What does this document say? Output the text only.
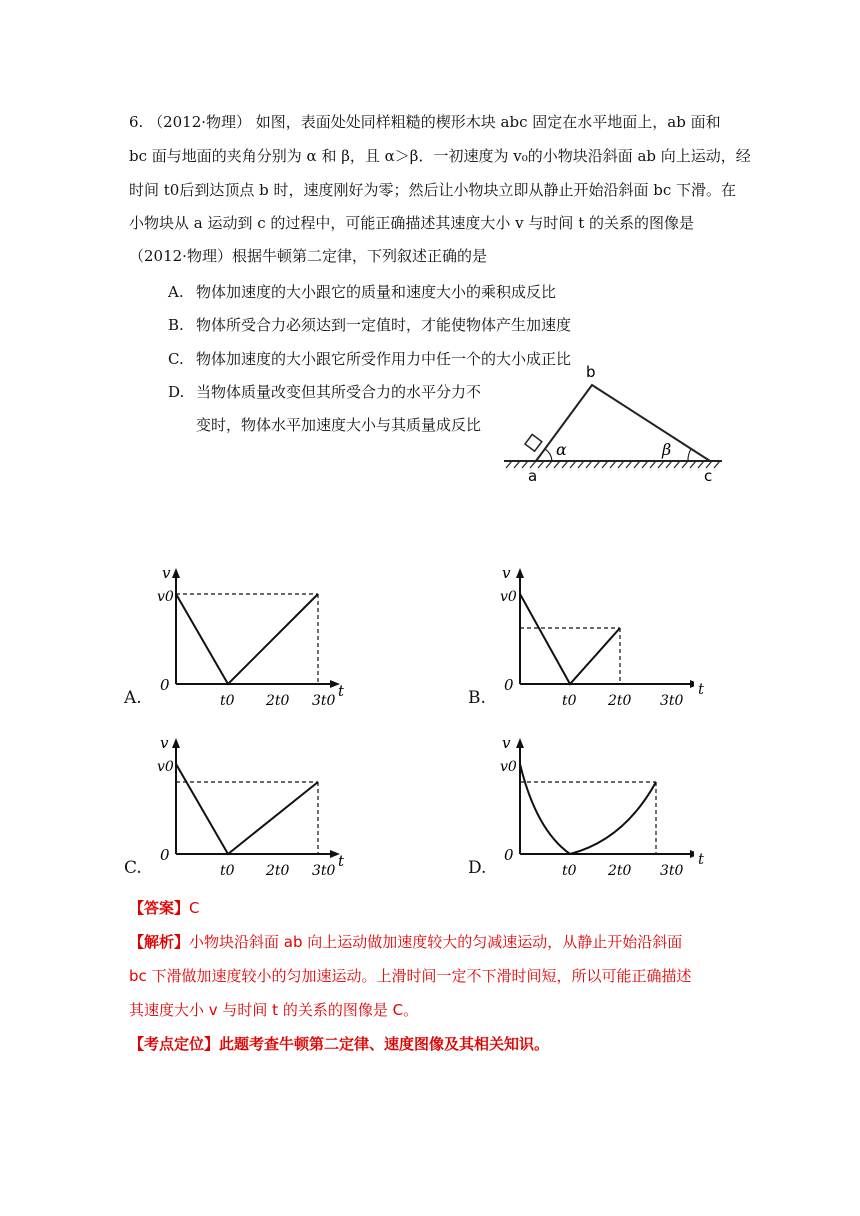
6. （2012·物理） 如图，表面处处同样粗糙的楔形木块 abc 固定在水平地面上，ab 面和
bc 面与地面的夹角分别为 α 和 β，且 α＞β．一初速度为 v₀的小物块沿斜面 ab 向上运动，经
时间 t0后到达顶点 b 时，速度刚好为零；然后让小物块立即从静止开始沿斜面 bc 下滑。在
小物块从 a 运动到 c 的过程中，可能正确描述其速度大小 v 与时间 t 的关系的图像是
（2012·物理）根据牛顿第二定律，下列叙述正确的是
A. 物体加速度的大小跟它的质量和速度大小的乘积成反比
B. 物体所受合力必须达到一定值时，才能使物体产生加速度
C. 物体加速度的大小跟它所受作用力中任一个的大小成正比
D. 当物体质量改变但其所受合力的水平分力不
变时，物体水平加速度大小与其质量成反比
b
a	c
α	β
v
v0
t
0
t0 2t0 3t0
A.
v
v0
0
t0 2t0 3t0
B.	t
v
v0
t
0
t0 2t0 3t0
C.
v
v0
0
t0 2t0 3t0
D.	t
【答案】C
【解析】小物块沿斜面 ab 向上运动做加速度较大的匀减速运动，从静止开始沿斜面
bc 下滑做加速度较小的匀加速运动。上滑时间一定不下滑时间短，所以可能正确描述
其速度大小 v 与时间 t 的关系的图像是 C。
【考点定位】此题考查牛顿第二定律、速度图像及其相关知识。
